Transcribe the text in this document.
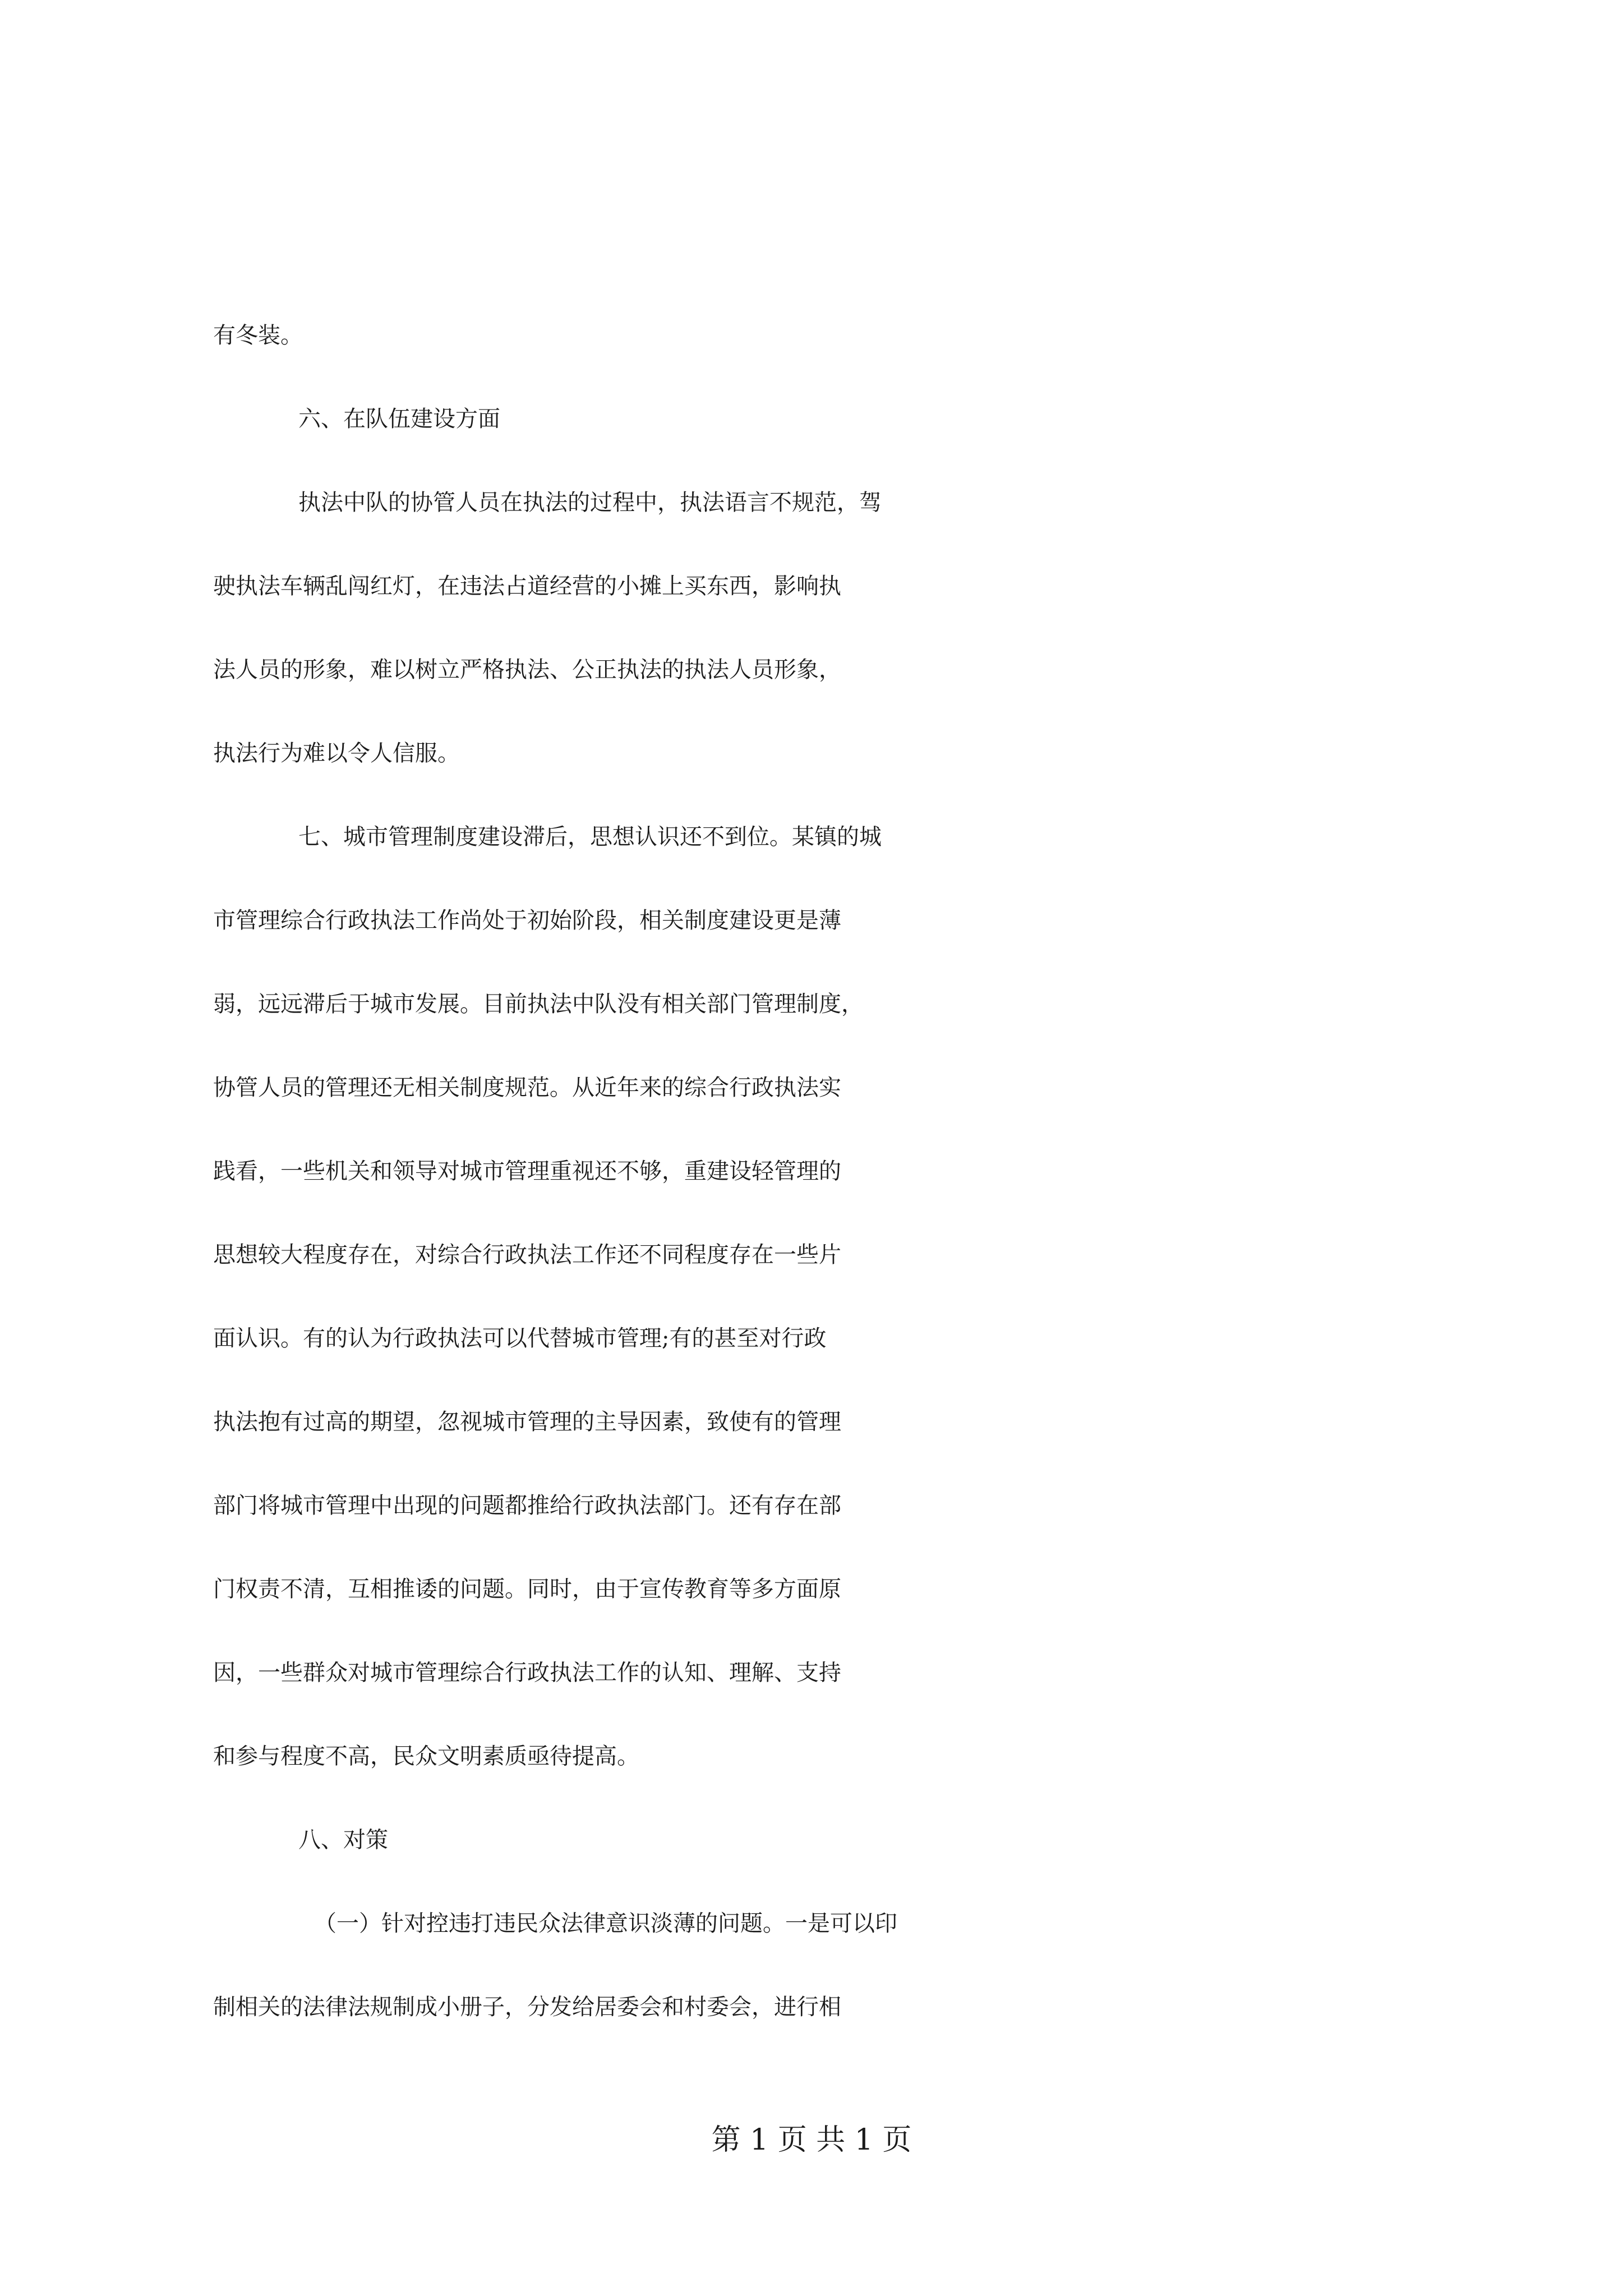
有冬装。
六、在队伍建设方面
执法中队的协管人员在执法的过程中，执法语言不规范，驾
驶执法车辆乱闯红灯，在违法占道经营的小摊上买东西，影响执
法人员的形象，难以树立严格执法、公正执法的执法人员形象，
执法行为难以令人信服。
七、城市管理制度建设滞后，思想认识还不到位。某镇的城
市管理综合行政执法工作尚处于初始阶段，相关制度建设更是薄
弱，远远滞后于城市发展。目前执法中队没有相关部门管理制度，
协管人员的管理还无相关制度规范。从近年来的综合行政执法实
践看，一些机关和领导对城市管理重视还不够，重建设轻管理的
思想较大程度存在，对综合行政执法工作还不同程度存在一些片
面认识。有的认为行政执法可以代替城市管理;有的甚至对行政
执法抱有过高的期望，忽视城市管理的主导因素，致使有的管理
部门将城市管理中出现的问题都推给行政执法部门。还有存在部
门权责不清，互相推诿的问题。同时，由于宣传教育等多方面原
因，一些群众对城市管理综合行政执法工作的认知、理解、支持
和参与程度不高，民众文明素质亟待提高。
八、对策
（一）针对控违打违民众法律意识淡薄的问题。一是可以印
制相关的法律法规制成小册子，分发给居委会和村委会，进行相
第 1 页 共 1 页
